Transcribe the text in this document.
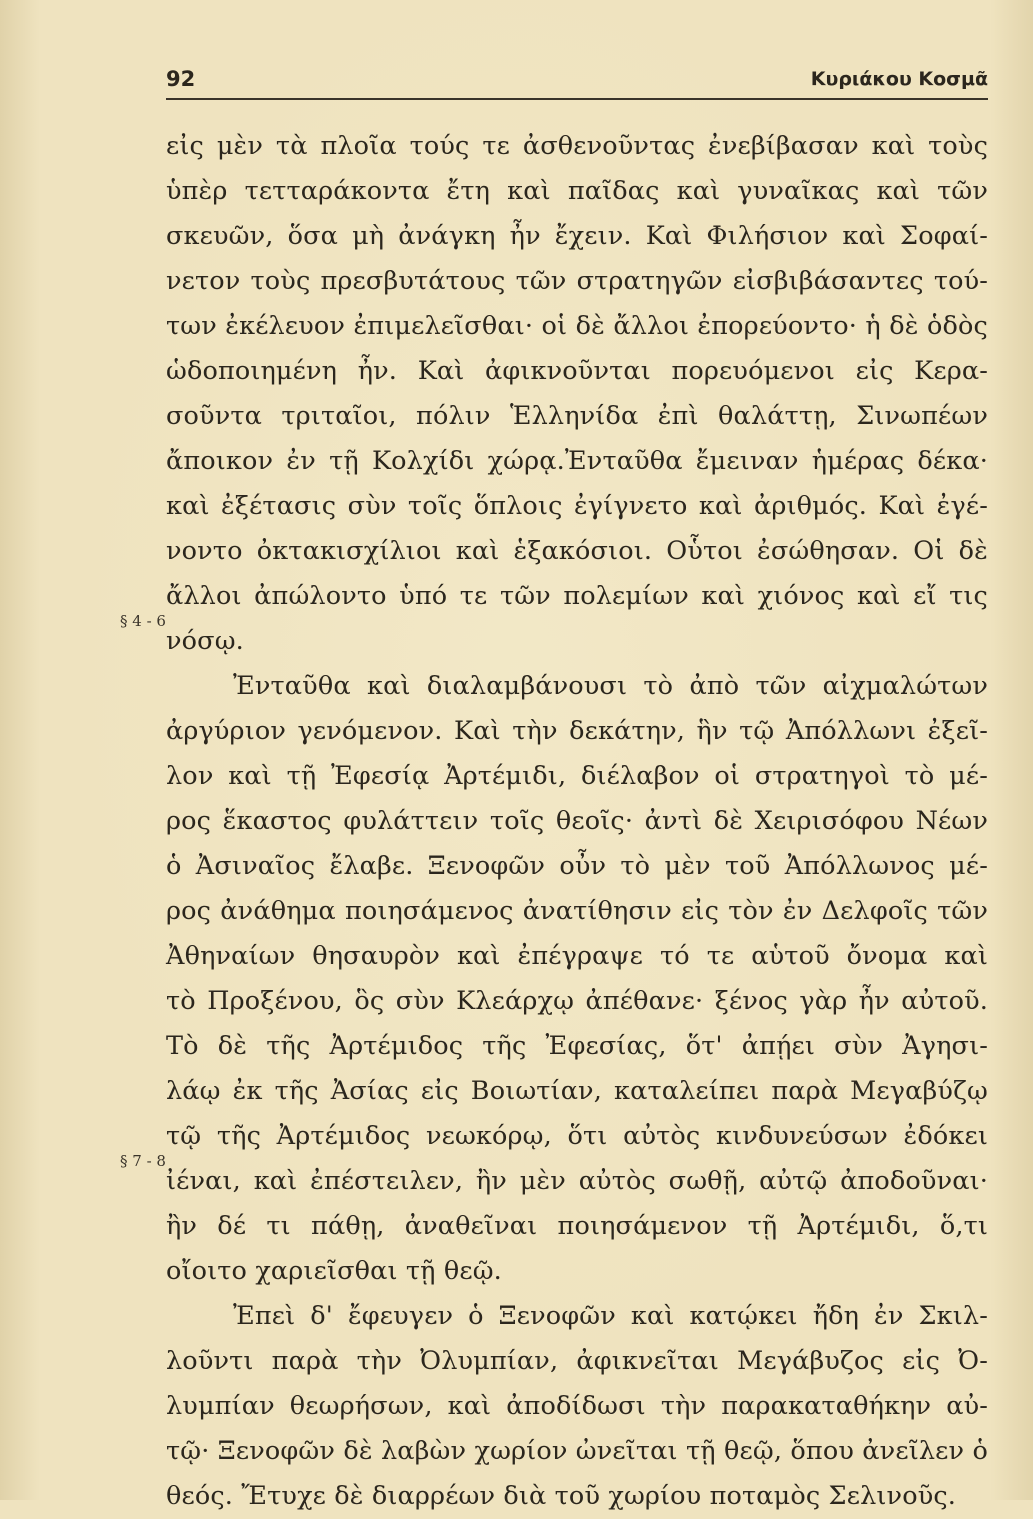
92	Κυριάκου Κοσμᾶ
§ 4 - 6
§ 7 - 8
εἰς μὲν τὰ πλοῖα τούς τε ἀσθενοῦντας ἐνεβίβασαν καὶ τοὺς
ὑπὲρ τετταράκοντα ἔτη καὶ παῖδας καὶ γυναῖκας καὶ τῶν
σκευῶν, ὅσα μὴ ἀνάγκη ἦν ἔχειν. Καὶ Φιλήσιον καὶ Σοφαί-
νετον τοὺς πρεσβυτάτους τῶν στρατηγῶν εἰσβιβάσαντες τού-
των ἐκέλευον ἐπιμελεῖσθαι· οἱ δὲ ἄλλοι ἐπορεύοντο· ἡ δὲ ὁδὸς
ὡδοποιημένη ἦν. Καὶ ἀφικνοῦνται πορευόμενοι εἰς Κερα-
σοῦντα τριταῖοι, πόλιν Ἑλληνίδα ἐπὶ θαλάττῃ, Σινωπέων
ἄποικον ἐν τῇ Κολχίδι χώρᾳ.Ἐνταῦθα ἔμειναν ἡμέρας δέκα·
καὶ ἐξέτασις σὺν τοῖς ὅπλοις ἐγίγνετο καὶ ἀριθμός. Καὶ ἐγέ-
νοντο ὀκτακισχίλιοι καὶ ἑξακόσιοι. Οὗτοι ἐσώθησαν. Οἱ δὲ
ἄλλοι ἀπώλοντο ὑπό τε τῶν πολεμίων καὶ χιόνος καὶ εἴ τις
νόσῳ.
Ἐνταῦθα καὶ διαλαμβάνουσι τὸ ἀπὸ τῶν αἰχμαλώτων
ἀργύριον γενόμενον. Καὶ τὴν δεκάτην, ἣν τῷ Ἀπόλλωνι ἐξεῖ-
λον καὶ τῇ Ἐφεσίᾳ Ἀρτέμιδι, διέλαβον οἱ στρατηγοὶ τὸ μέ-
ρος ἕκαστος φυλάττειν τοῖς θεοῖς· ἀντὶ δὲ Χειρισόφου Νέων
ὁ Ἀσιναῖος ἔλαβε. Ξενοφῶν οὖν τὸ μὲν τοῦ Ἀπόλλωνος μέ-
ρος ἀνάθημα ποιησάμενος ἀνατίθησιν εἰς τὸν ἐν Δελφοῖς τῶν
Ἀθηναίων θησαυρὸν καὶ ἐπέγραψε τό τε αὑτοῦ ὄνομα καὶ
τὸ Προξένου, ὃς σὺν Κλεάρχῳ ἀπέθανε· ξένος γὰρ ἦν αὐτοῦ.
Τὸ δὲ τῆς Ἀρτέμιδος τῆς Ἐφεσίας, ὅτ' ἀπῄει σὺν Ἀγησι-
λάῳ ἐκ τῆς Ἀσίας εἰς Βοιωτίαν, καταλείπει παρὰ Μεγαβύζῳ
τῷ τῆς Ἀρτέμιδος νεωκόρῳ, ὅτι αὐτὸς κινδυνεύσων ἐδόκει
ἰέναι, καὶ ἐπέστειλεν, ἢν μὲν αὐτὸς σωθῇ, αὐτῷ ἀποδοῦναι·
ἢν δέ τι πάθῃ, ἀναθεῖναι ποιησάμενον τῇ Ἀρτέμιδι, ὅ,τι
οἴοιτο χαριεῖσθαι τῇ θεῷ.
Ἐπεὶ δ' ἔφευγεν ὁ Ξενοφῶν καὶ κατῴκει ἤδη ἐν Σκιλ-
λοῦντι παρὰ τὴν Ὀλυμπίαν, ἀφικνεῖται Μεγάβυζος εἰς Ὀ-
λυμπίαν θεωρήσων, καὶ ἀποδίδωσι τὴν παρακαταθήκην αὐ-
τῷ· Ξενοφῶν δὲ λαβὼν χωρίον ὠνεῖται τῇ θεῷ, ὅπου ἀνεῖλεν ὁ
θεός. Ἔτυχε δὲ διαρρέων διὰ τοῦ χωρίου ποταμὸς Σελινοῦς.
